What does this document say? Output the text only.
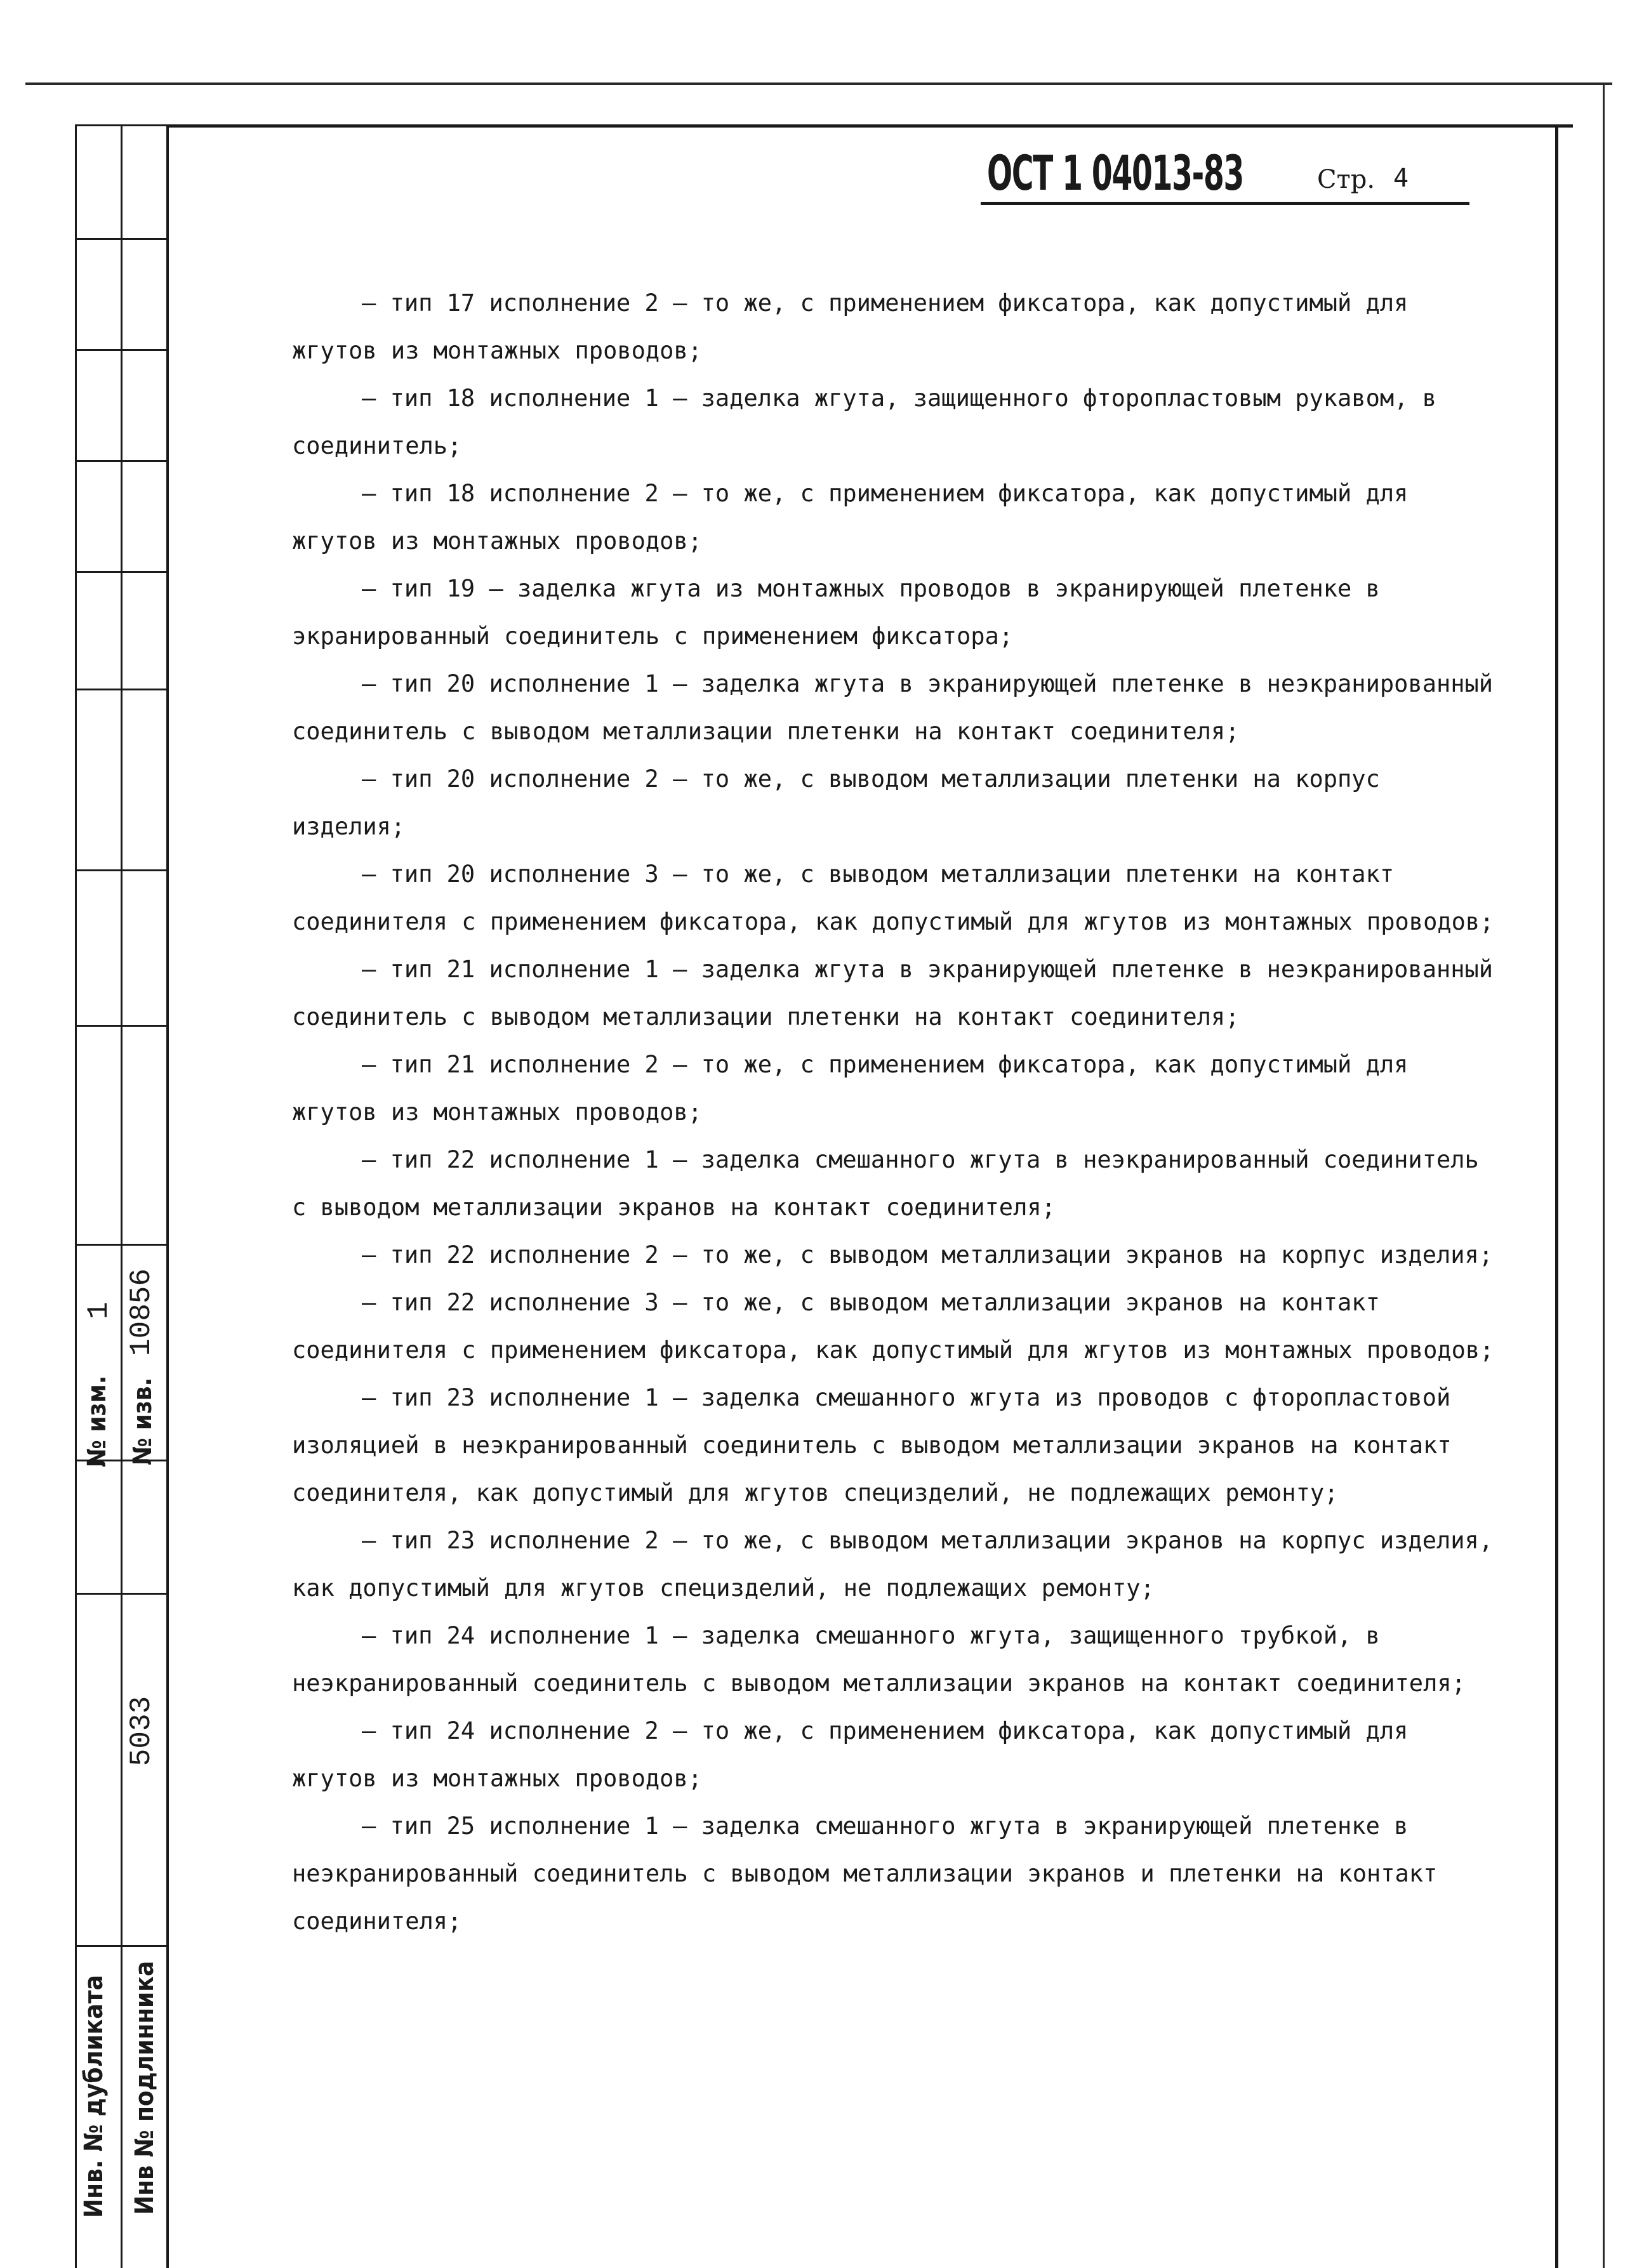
№ изм.
1
№ изв.
10856
5033
Инв. № дубликата Инв № подлинника
ОСТ 1 04013-83	Стр. 4

– тип 17 исполнение 2 – то же, с применением фиксатора, как допустимый для жгутов из монтажных проводов;

– тип 18 исполнение 1 – заделка жгута, защищенного фторопластовым рукавом, в соединитель;

– тип 18 исполнение 2 – то же, с применением фиксатора, как допустимый для жгутов из монтажных проводов;

– тип 19 – заделка жгута из монтажных проводов в экранирующей плетенке в экранированный соединитель с применением фиксатора;

– тип 20 исполнение 1 – заделка жгута в экранирующей плетенке в неэкранированный соединитель с выводом металлизации плетенки на контакт соединителя;

– тип 20 исполнение 2 – то же, с выводом металлизации плетенки на корпус изделия;

– тип 20 исполнение 3 – то же, с выводом металлизации плетенки на контакт соединителя с применением фиксатора, как допустимый для жгутов из монтажных проводов;

– тип 21 исполнение 1 – заделка жгута в экранирующей плетенке в неэкранированный соединитель с выводом металлизации плетенки на контакт соединителя;

– тип 21 исполнение 2 – то же, с применением фиксатора, как допустимый для жгутов из монтажных проводов;

– тип 22 исполнение 1 – заделка смешанного жгута в неэкранированный соединитель с выводом металлизации экранов на контакт соединителя;

– тип 22 исполнение 2 – то же, с выводом металлизации экранов на корпус изделия;

– тип 22 исполнение 3 – то же, с выводом металлизации экранов на контакт соединителя с применением фиксатора, как допустимый для жгутов из монтажных проводов;

– тип 23 исполнение 1 – заделка смешанного жгута из проводов с фторопластовой изоляцией в неэкранированный соединитель с выводом металлизации экранов на контакт соединителя, как допустимый для жгутов специзделий, не подлежащих ремонту;

– тип 23 исполнение 2 – то же, с выводом металлизации экранов на корпус изделия, как допустимый для жгутов специзделий, не подлежащих ремонту;

– тип 24 исполнение 1 – заделка смешанного жгута, защищенного трубкой, в неэкранированный соединитель с выводом металлизации экранов на контакт соединителя;

– тип 24 исполнение 2 – то же, с применением фиксатора, как допустимый для жгутов из монтажных проводов;

– тип 25 исполнение 1 – заделка смешанного жгута в экранирующей плетенке в неэкранированный соединитель с выводом металлизации экранов и плетенки на контакт соединителя;
